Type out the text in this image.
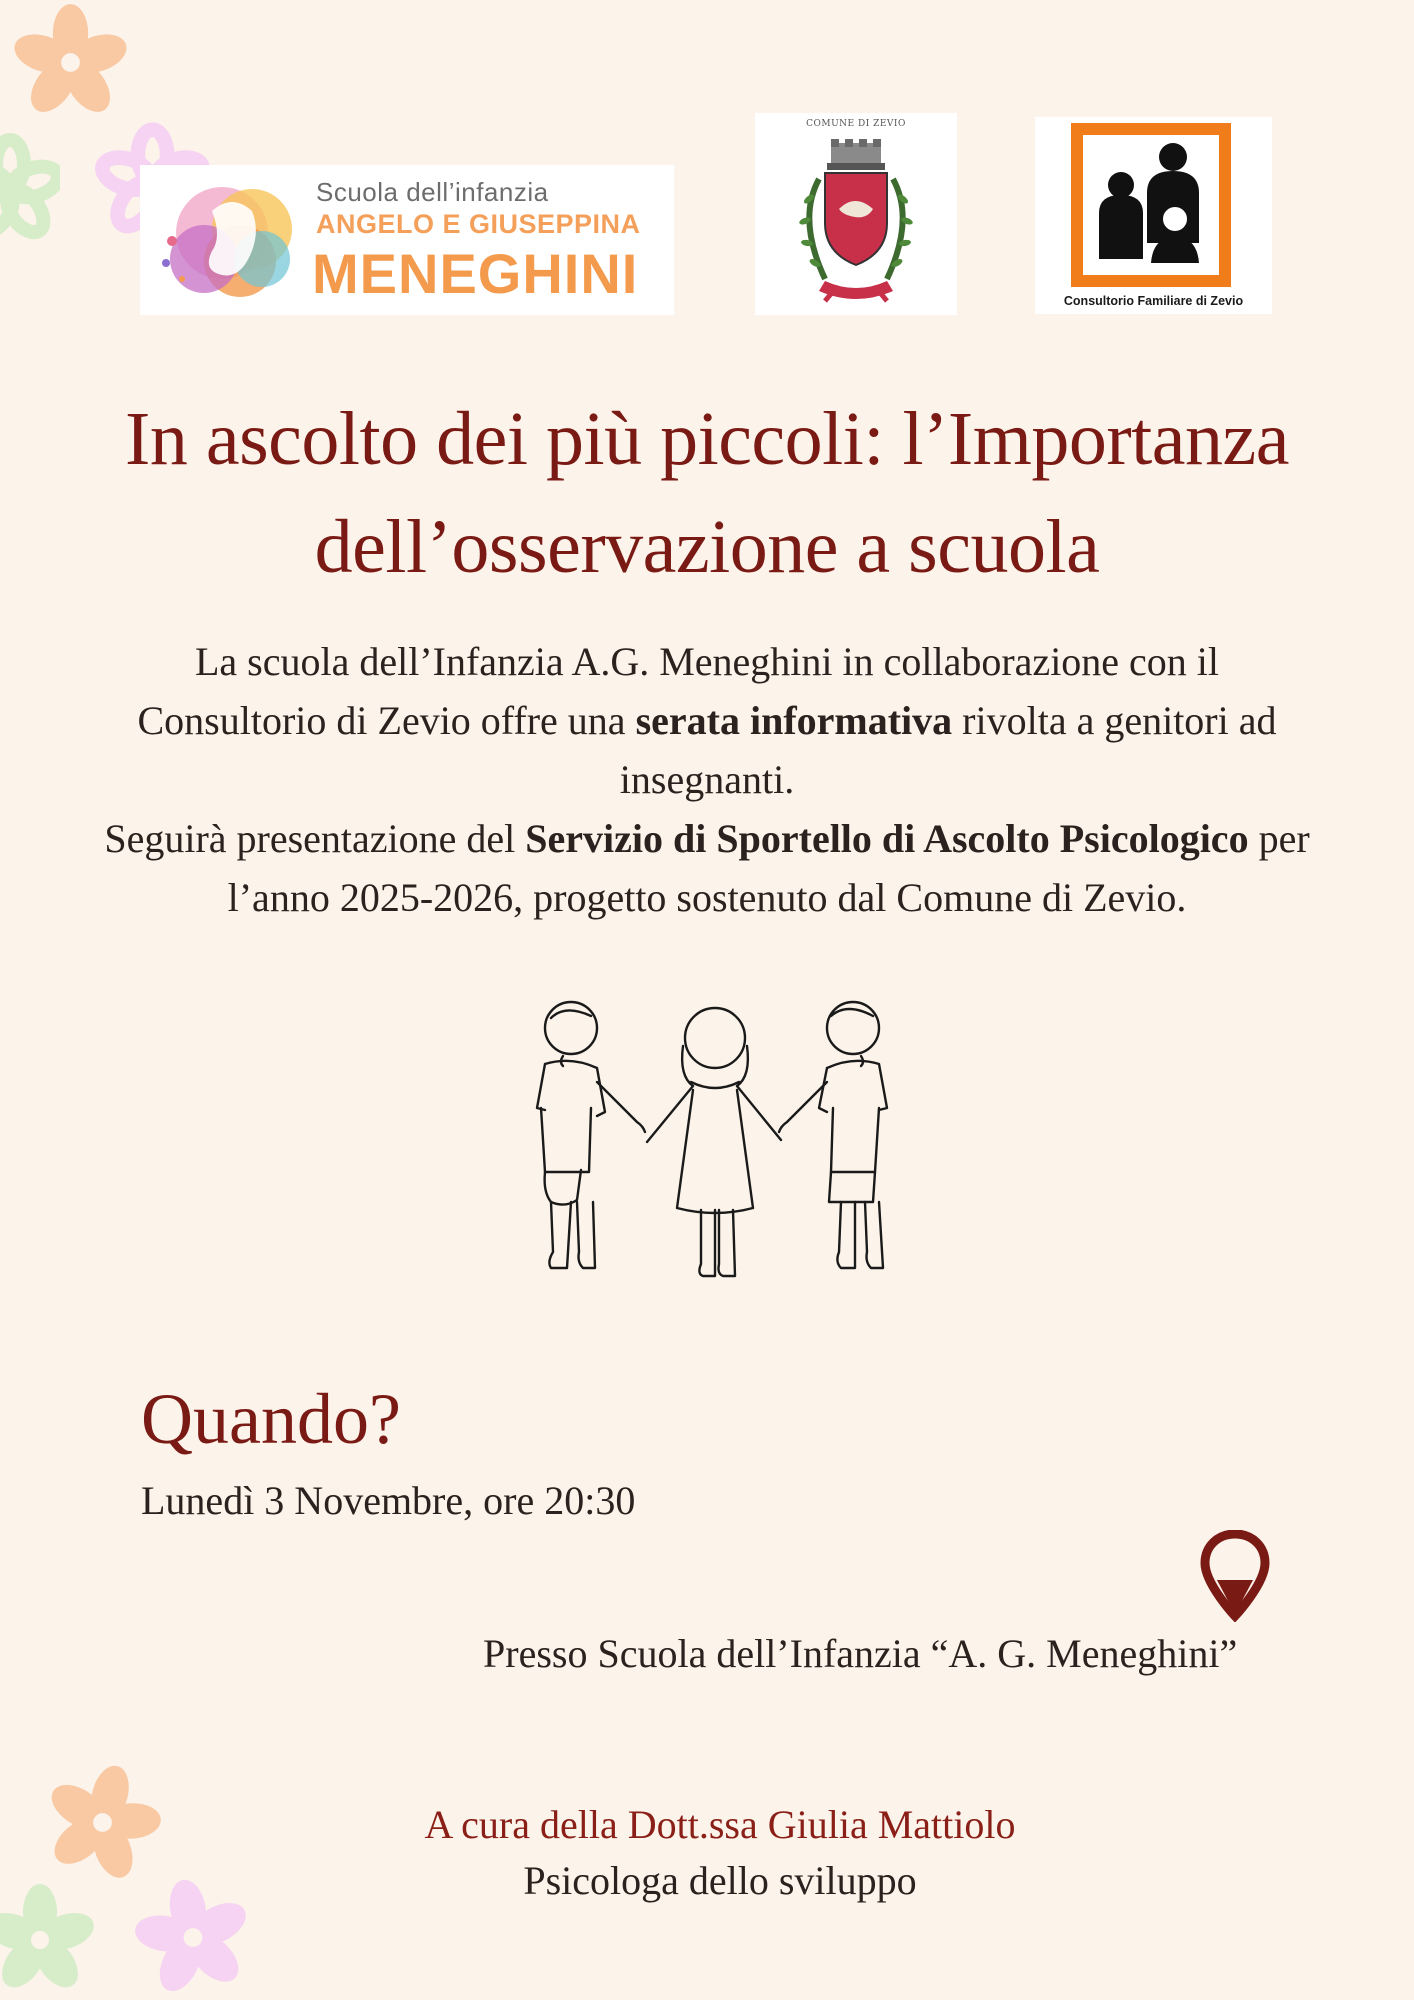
Scuola dell’infanzia
ANGELO E GIUSEPPINA
MENEGHINI
COMUNE DI ZEVIO
Consultorio Familiare di Zevio
In ascolto dei più piccoli: l’Importanza
dell’osservazione a scuola
La scuola dell’Infanzia A.G. Meneghini in collaborazione con il Consultorio di Zevio offre una serata informativa rivolta a genitori ad insegnanti.
Seguirà presentazione del Servizio di Sportello di Ascolto Psicologico per l’anno 2025-2026, progetto sostenuto dal Comune di Zevio.
Quando?
Lunedì 3 Novembre, ore 20:30
Presso Scuola dell’Infanzia “A. G. Meneghini”
A cura della Dott.ssa Giulia Mattiolo
Psicologa dello sviluppo
